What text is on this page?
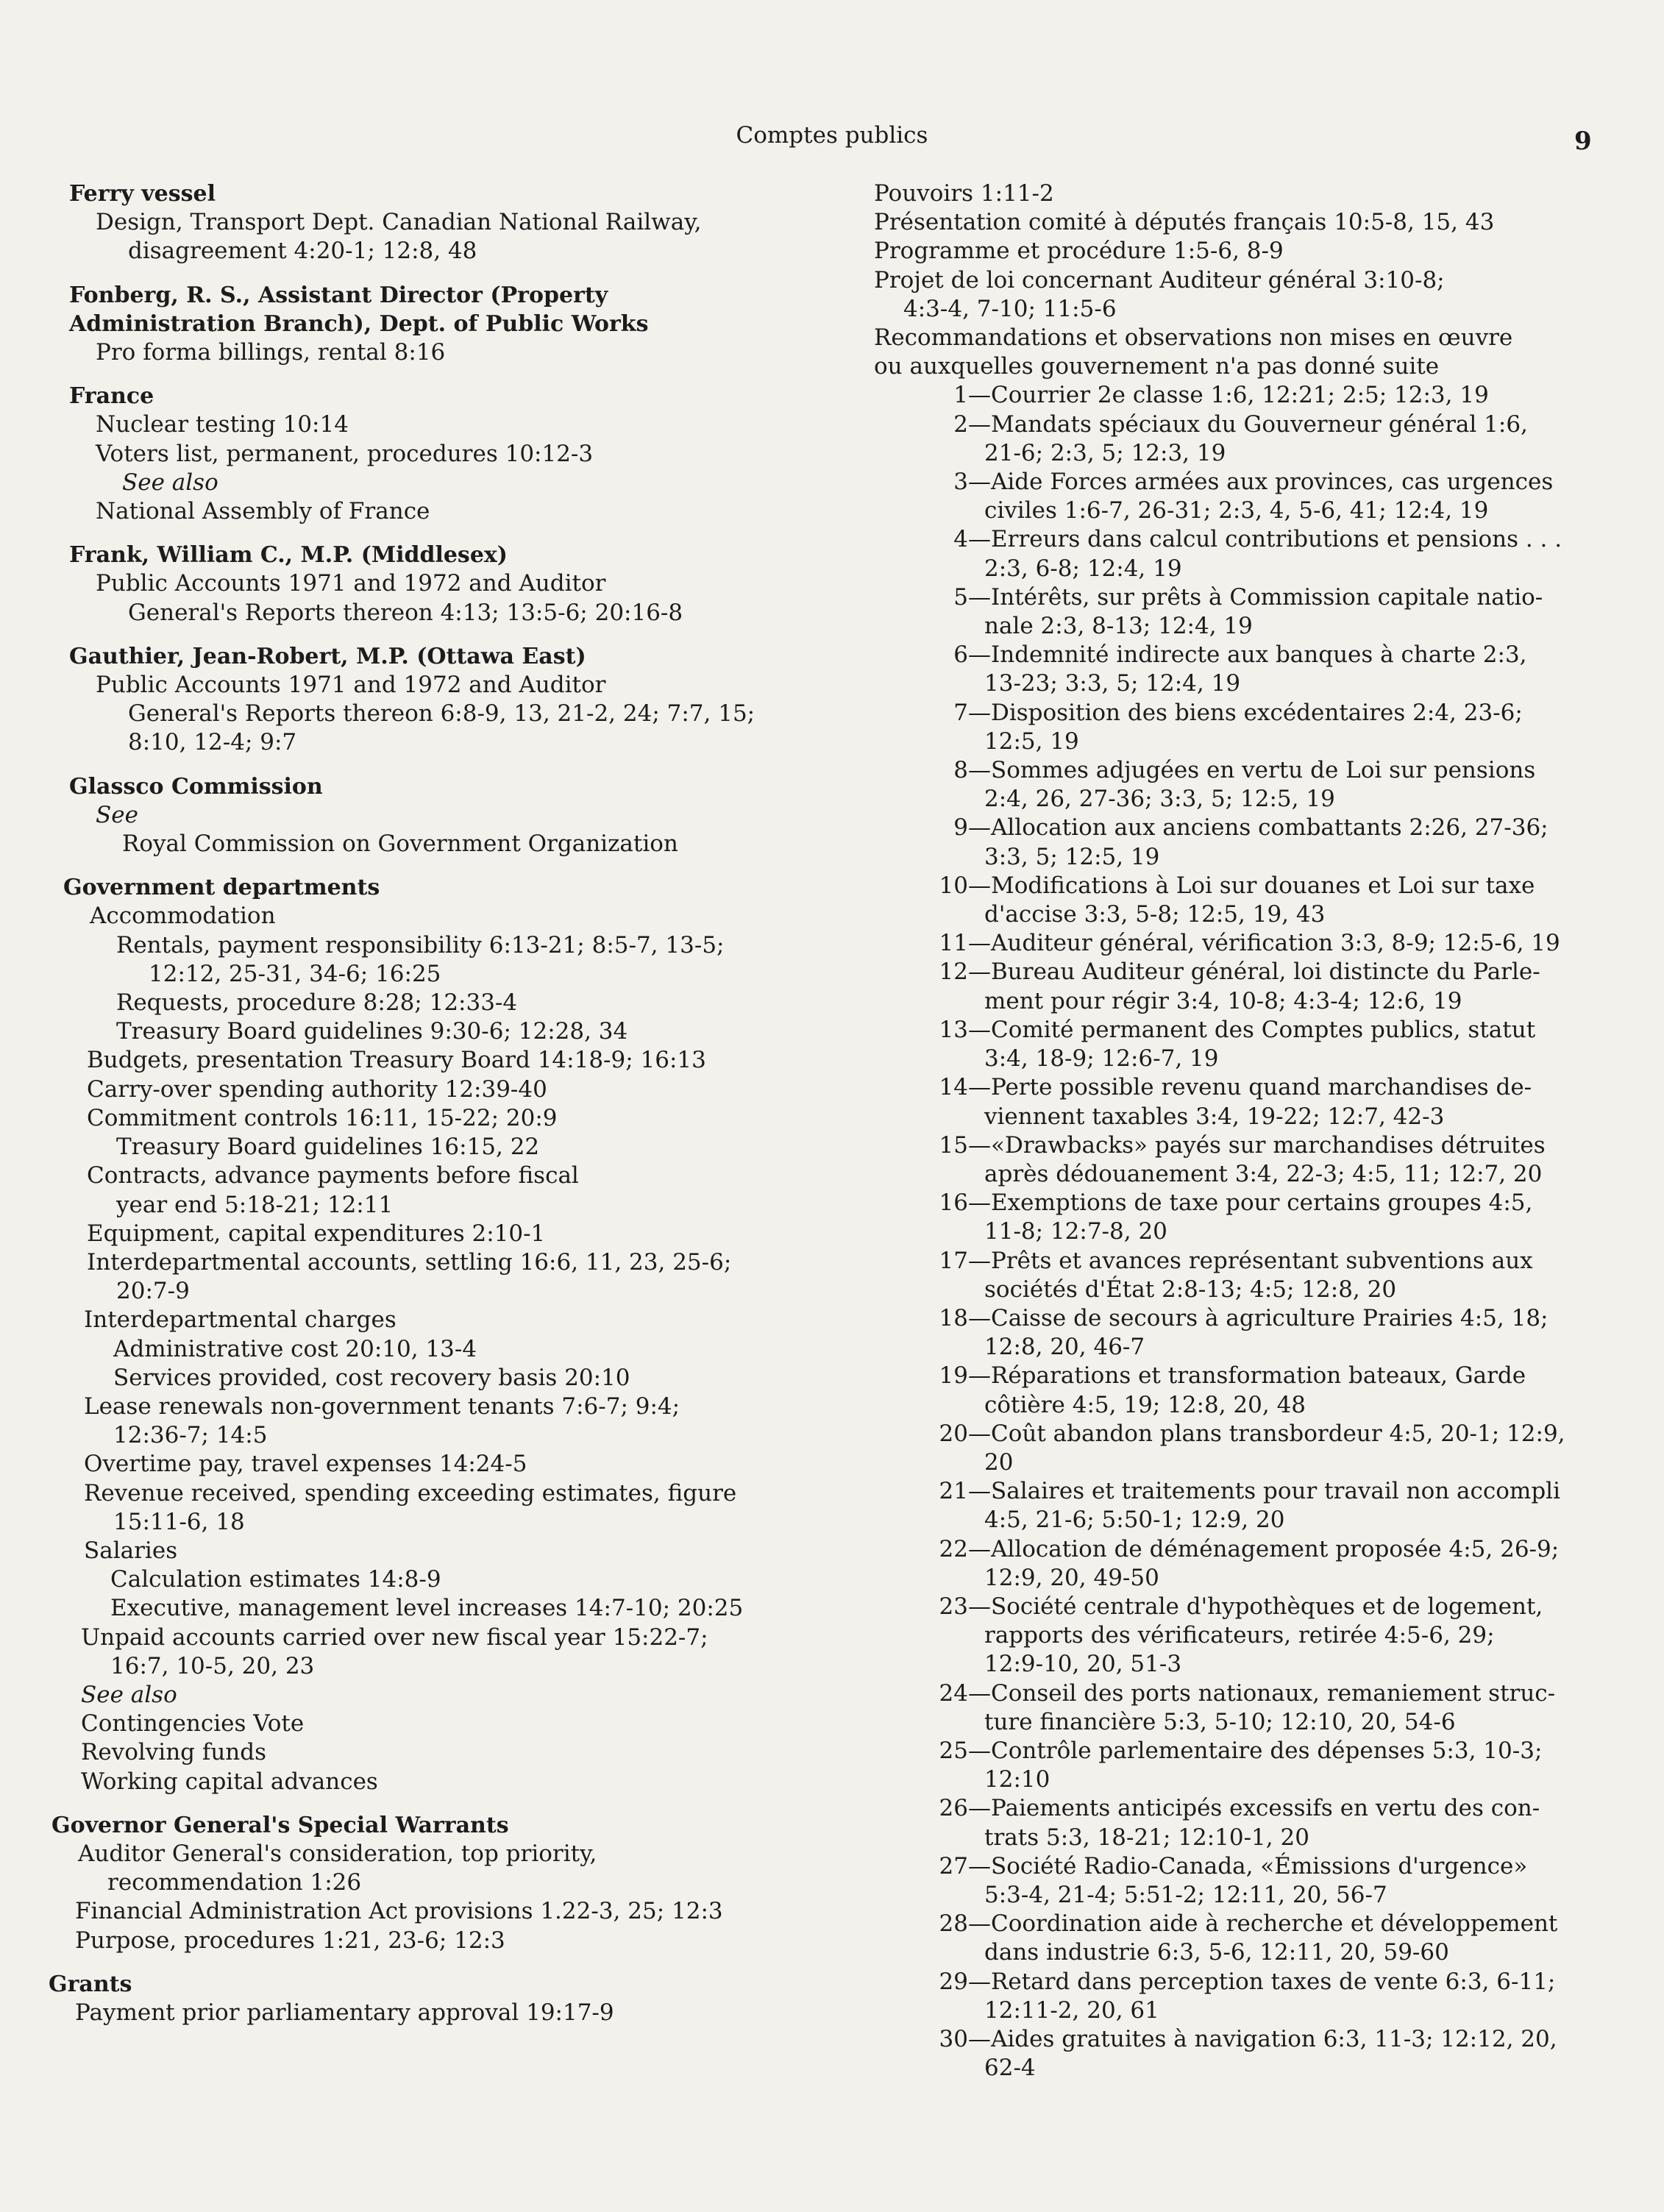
Comptes publics	9
Ferry vessel
Design, Transport Dept. Canadian National Railway,
disagreement 4:20-1; 12:8, 48
Fonberg, R. S., Assistant Director (Property
Administration Branch), Dept. of Public Works
Pro forma billings, rental 8:16
France
Nuclear testing 10:14
Voters list, permanent, procedures 10:12-3
See also
National Assembly of France
Frank, William C., M.P. (Middlesex)
Public Accounts 1971 and 1972 and Auditor
General's Reports thereon 4:13; 13:5-6; 20:16-8
Gauthier, Jean-Robert, M.P. (Ottawa East)
Public Accounts 1971 and 1972 and Auditor
General's Reports thereon 6:8-9, 13, 21-2, 24; 7:7, 15;
8:10, 12-4; 9:7
Glassco Commission
See
Royal Commission on Government Organization
Government departments
Accommodation
Rentals, payment responsibility 6:13-21; 8:5-7, 13-5;
12:12, 25-31, 34-6; 16:25
Requests, procedure 8:28; 12:33-4
Treasury Board guidelines 9:30-6; 12:28, 34
Budgets, presentation Treasury Board 14:18-9; 16:13
Carry-over spending authority 12:39-40
Commitment controls 16:11, 15-22; 20:9
Treasury Board guidelines 16:15, 22
Contracts, advance payments before fiscal
year end 5:18-21; 12:11
Equipment, capital expenditures 2:10-1
Interdepartmental accounts, settling 16:6, 11, 23, 25-6;
20:7-9
Interdepartmental charges
Administrative cost 20:10, 13-4
Services provided, cost recovery basis 20:10
Lease renewals non-government tenants 7:6-7; 9:4;
12:36-7; 14:5
Overtime pay, travel expenses 14:24-5
Revenue received, spending exceeding estimates, figure
15:11-6, 18
Salaries
Calculation estimates 14:8-9
Executive, management level increases 14:7-10; 20:25
Unpaid accounts carried over new fiscal year 15:22-7;
16:7, 10-5, 20, 23
See also
Contingencies Vote
Revolving funds
Working capital advances
Governor General's Special Warrants
Auditor General's consideration, top priority,
recommendation 1:26
Financial Administration Act provisions 1.22-3, 25; 12:3
Purpose, procedures 1:21, 23-6; 12:3
Grants
Payment prior parliamentary approval 19:17-9
Pouvoirs 1:11-2
Présentation comité à députés français 10:5-8, 15, 43
Programme et procédure 1:5-6, 8-9
Projet de loi concernant Auditeur général 3:10-8;
4:3-4, 7-10; 11:5-6
Recommandations et observations non mises en œuvre
ou auxquelles gouvernement n'a pas donné suite
1—Courrier 2e classe 1:6, 12:21; 2:5; 12:3, 19
2—Mandats spéciaux du Gouverneur général 1:6,
21-6; 2:3, 5; 12:3, 19
3—Aide Forces armées aux provinces, cas urgences
civiles 1:6-7, 26-31; 2:3, 4, 5-6, 41; 12:4, 19
4—Erreurs dans calcul contributions et pensions . . .
2:3, 6-8; 12:4, 19
5—Intérêts, sur prêts à Commission capitale natio-
nale 2:3, 8-13; 12:4, 19
6—Indemnité indirecte aux banques à charte 2:3,
13-23; 3:3, 5; 12:4, 19
7—Disposition des biens excédentaires 2:4, 23-6;
12:5, 19
8—Sommes adjugées en vertu de Loi sur pensions
2:4, 26, 27-36; 3:3, 5; 12:5, 19
9—Allocation aux anciens combattants 2:26, 27-36;
3:3, 5; 12:5, 19
10—Modifications à Loi sur douanes et Loi sur taxe
d'accise 3:3, 5-8; 12:5, 19, 43
11—Auditeur général, vérification 3:3, 8-9; 12:5-6, 19
12—Bureau Auditeur général, loi distincte du Parle-
ment pour régir 3:4, 10-8; 4:3-4; 12:6, 19
13—Comité permanent des Comptes publics, statut
3:4, 18-9; 12:6-7, 19
14—Perte possible revenu quand marchandises de-
viennent taxables 3:4, 19-22; 12:7, 42-3
15—«Drawbacks» payés sur marchandises détruites
après dédouanement 3:4, 22-3; 4:5, 11; 12:7, 20
16—Exemptions de taxe pour certains groupes 4:5,
11-8; 12:7-8, 20
17—Prêts et avances représentant subventions aux
sociétés d'État 2:8-13; 4:5; 12:8, 20
18—Caisse de secours à agriculture Prairies 4:5, 18;
12:8, 20, 46-7
19—Réparations et transformation bateaux, Garde
côtière 4:5, 19; 12:8, 20, 48
20—Coût abandon plans transbordeur 4:5, 20-1; 12:9,
20
21—Salaires et traitements pour travail non accompli
4:5, 21-6; 5:50-1; 12:9, 20
22—Allocation de déménagement proposée 4:5, 26-9;
12:9, 20, 49-50
23—Société centrale d'hypothèques et de logement,
rapports des vérificateurs, retirée 4:5-6, 29;
12:9-10, 20, 51-3
24—Conseil des ports nationaux, remaniement struc-
ture financière 5:3, 5-10; 12:10, 20, 54-6
25—Contrôle parlementaire des dépenses 5:3, 10-3;
12:10
26—Paiements anticipés excessifs en vertu des con-
trats 5:3, 18-21; 12:10-1, 20
27—Société Radio-Canada, «Émissions d'urgence»
5:3-4, 21-4; 5:51-2; 12:11, 20, 56-7
28—Coordination aide à recherche et développement
dans industrie 6:3, 5-6, 12:11, 20, 59-60
29—Retard dans perception taxes de vente 6:3, 6-11;
12:11-2, 20, 61
30—Aides gratuites à navigation 6:3, 11-3; 12:12, 20,
62-4
